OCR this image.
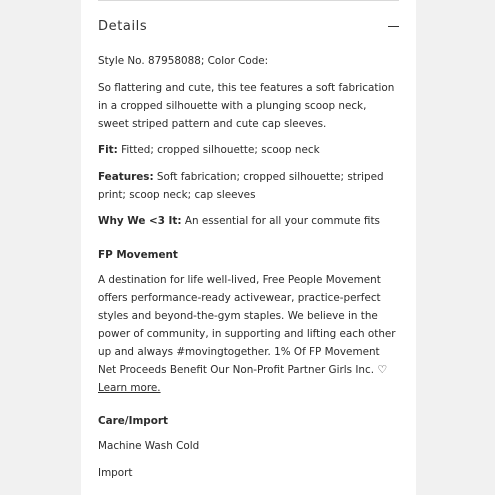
Details

Style No. 87958088; Color Code:

So flattering and cute, this tee features a soft fabrication in a cropped silhouette with a plunging scoop neck, sweet striped pattern and cute cap sleeves.

Fit: Fitted; cropped silhouette; scoop neck

Features: Soft fabrication; cropped silhouette; striped print; scoop neck; cap sleeves

Why We <3 It: An essential for all your commute fits

FP Movement

A destination for life well-lived, Free People Movement offers performance-ready activewear, practice-perfect styles and beyond-the-gym staples. We believe in the power of community, in supporting and lifting each other up and always #movingtogether. 1% Of FP Movement Net Proceeds Benefit Our Non-Profit Partner Girls Inc. ♡ Learn more.

Care/Import

Machine Wash Cold

Import
